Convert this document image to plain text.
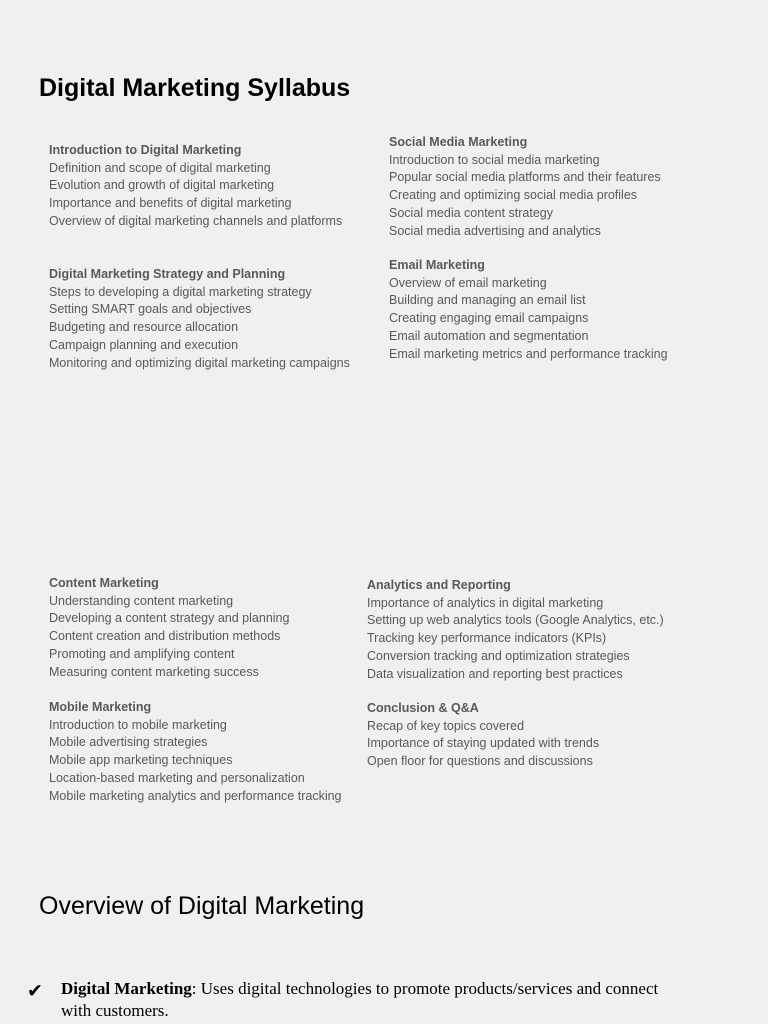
Digital Marketing Syllabus
Introduction to Digital Marketing
Definition and scope of digital marketing
Evolution and growth of digital marketing
Importance and benefits of digital marketing
Overview of digital marketing channels and platforms
Social Media Marketing
Introduction to social media marketing
Popular social media platforms and their features
Creating and optimizing social media profiles
Social media content strategy
Social media advertising and analytics
Digital Marketing Strategy and Planning
Steps to developing a digital marketing strategy
Setting SMART goals and objectives
Budgeting and resource allocation
Campaign planning and execution
Monitoring and optimizing digital marketing campaigns
Email Marketing
Overview of email marketing
Building and managing an email list
Creating engaging email campaigns
Email automation and segmentation
Email marketing metrics and performance tracking
Content Marketing
Understanding content marketing
Developing a content strategy and planning
Content creation and distribution methods
Promoting and amplifying content
Measuring content marketing success
Analytics and Reporting
Importance of analytics in digital marketing
Setting up web analytics tools (Google Analytics, etc.)
Tracking key performance indicators (KPIs)
Conversion tracking and optimization strategies
Data visualization and reporting best practices
Mobile Marketing
Introduction to mobile marketing
Mobile advertising strategies
Mobile app marketing techniques
Location-based marketing and personalization
Mobile marketing analytics and performance tracking
Conclusion & Q&A
Recap of key topics covered
Importance of staying updated with trends
Open floor for questions and discussions
Overview of Digital Marketing
✔ Digital Marketing: Uses digital technologies to promote products/services and connect with customers.
